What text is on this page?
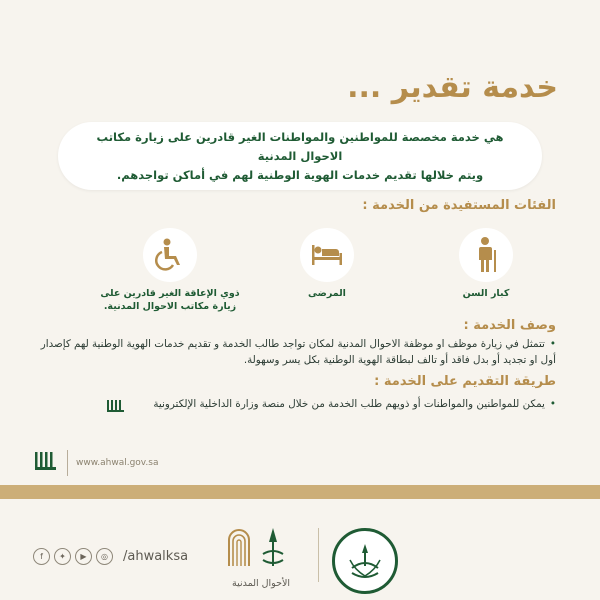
خدمة تقدير ...

هي خدمة مخصصة للمواطنين والمواطنات الغير قادرين على زيارة مكاتب الاحوال المدنية
ويتم خلالها تقديم خدمات الهوية الوطنية لهم في أماكن تواجدهم.

الفئات المستفيدة من الخدمة :
كبار السن
المرضى
ذوي الإعاقة الغير قادرين على زيارة مكاتب الاحوال المدنية.
وصف الخدمة :
• تتمثل في زيارة موظف او موظفة الاحوال المدنية لمكان تواجد طالب الخدمة و تقديم خدمات الهوية الوطنية لهم كإصدار أول او تجديد أو بدل فاقد أو تالف لبطاقة الهوية الوطنية بكل يسر وسهولة.
طريقة التقديم على الخدمة :
• يمكن للمواطنين والمواطنات أو ذويهم طلب الخدمة من خلال منصة وزارة الداخلية الإلكترونية
www.ahwal.gov.sa
f	✦	▶	◎	/ahwalksa
الأحوال المدنية
